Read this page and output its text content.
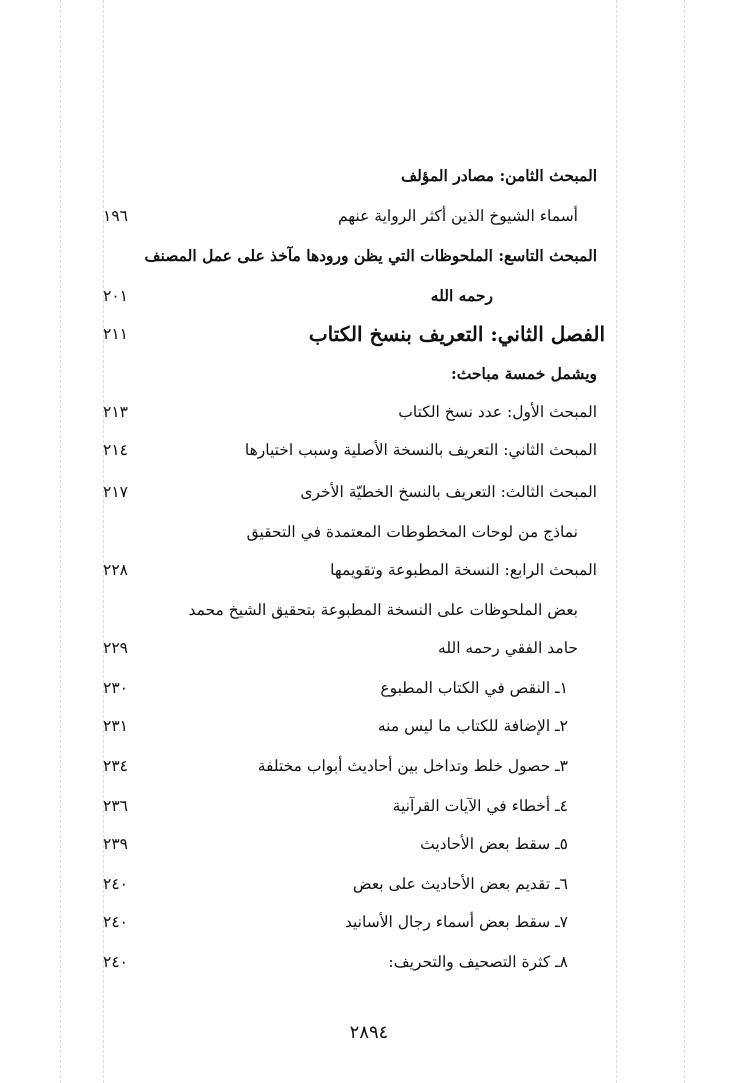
المبحث الثامن: مصادر المؤلف
أسماء الشيوخ الذين أكثر الرواية عنهم
١٩٦
المبحث التاسع: الملحوظات التي يظن ورودها مآخذ على عمل المصنف
رحمه الله
٢٠١
الفصل الثاني: التعريف بنسخ الكتاب
٢١١
ويشمل خمسة مباحث:
المبحث الأول: عدد نسخ الكتاب
٢١٣
المبحث الثاني: التعريف بالنسخة الأصلية وسبب اختيارها
٢١٤
المبحث الثالث: التعريف بالنسخ الخطيّة الأخرى
٢١٧
نماذج من لوحات المخطوطات المعتمدة في التحقيق
المبحث الرابع: النسخة المطبوعة وتقويمها
٢٢٨
بعض الملحوظات على النسخة المطبوعة بتحقيق الشيخ محمد
حامد الفقي رحمه الله
٢٢٩
١ـ النقص في الكتاب المطبوع
٢٣٠
٢ـ الإضافة للكتاب ما ليس منه
٢٣١
٣ـ حصول خلط وتداخل بين أحاديث أبواب مختلفة
٢٣٤
٤ـ أخطاء في الآيات القرآنية
٢٣٦
٥ـ سقط بعض الأحاديث
٢٣٩
٦ـ تقديم بعض الأحاديث على بعض
٢٤٠
٧ـ سقط بعض أسماء رجال الأسانيد
٢٤٠
٨ـ كثرة التصحيف والتحريف:
٢٤٠
٢٨٩٤
